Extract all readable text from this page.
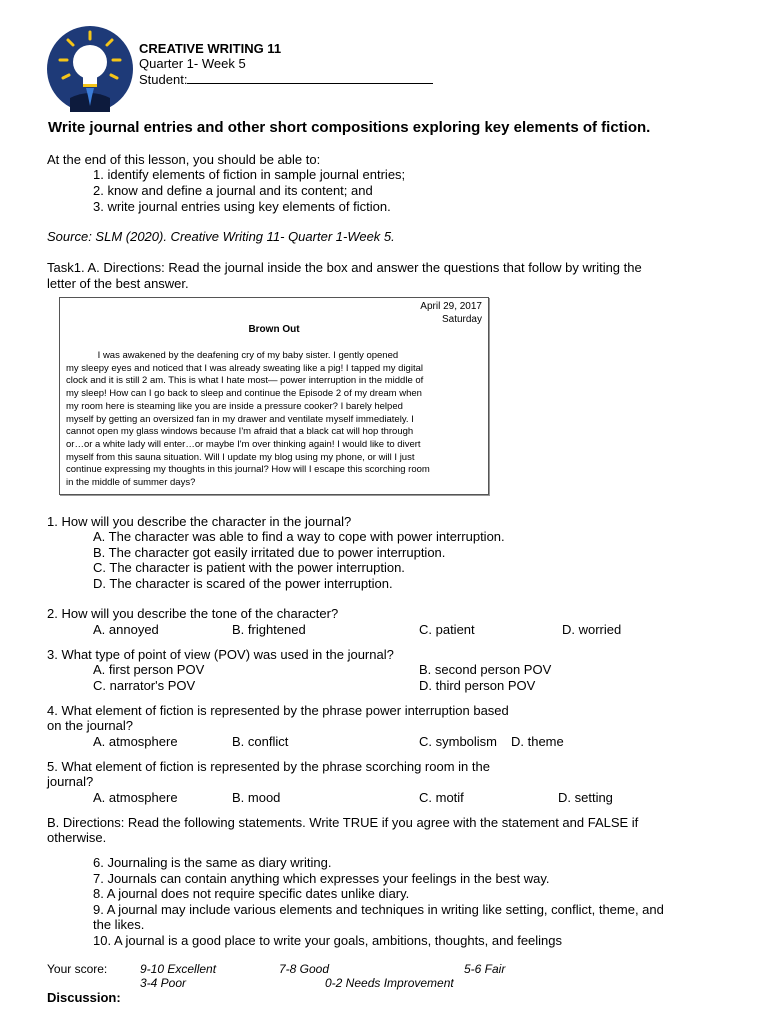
CREATIVE WRITING 11
Quarter 1- Week 5
Student:
Write journal entries and other short compositions exploring key elements of fiction.
At the end of this lesson, you should be able to:
1. identify elements of fiction in sample journal entries;
2. know and define a journal and its content; and
3. write journal entries using key elements of fiction.
Source: SLM (2020). Creative Writing 11- Quarter 1-Week 5.
Task1. A. Directions: Read the journal inside the box and answer the questions that follow by writing the
letter of the best answer.
April 29, 2017
Saturday
Brown Out
I was awakened by the deafening cry of my baby sister. I gently opened
my sleepy eyes and noticed that I was already sweating like a pig! I tapped my digital
clock and it is still 2 am. This is what I hate most— power interruption in the middle of
my sleep! How can I go back to sleep and continue the Episode 2 of my dream when
my room here is steaming like you are inside a pressure cooker? I barely helped
myself by getting an oversized fan in my drawer and ventilate myself immediately. I
cannot open my glass windows because I'm afraid that a black cat will hop through
or…or a white lady will enter…or maybe I'm over thinking again! I would like to divert
myself from this sauna situation. Will I update my blog using my phone, or will I just
continue expressing my thoughts in this journal? How will I escape this scorching room
in the middle of summer days?
1. How will you describe the character in the journal?
A. The character was able to find a way to cope with power interruption.
B. The character got easily irritated due to power interruption.
C. The character is patient with the power interruption.
D. The character is scared of the power interruption.
2. How will you describe the tone of the character?
A. annoyed	B. frightened	C. patient	D. worried
3. What type of point of view (POV) was used in the journal?
A. first person POV	B. second person POV
C. narrator's POV	D. third person POV
4. What element of fiction is represented by the phrase power interruption based
on the journal?
A. atmosphere	B. conflict	C. symbolism D. theme
5. What element of fiction is represented by the phrase scorching room in the
journal?
A. atmosphere	B. mood	C. motif	D. setting
B. Directions: Read the following statements. Write TRUE if you agree with the statement and FALSE if
otherwise.
6. Journaling is the same as diary writing.
7. Journals can contain anything which expresses your feelings in the best way.
8. A journal does not require specific dates unlike diary.
9. A journal may include various elements and techniques in writing like setting, conflict, theme, and
the likes.
10. A journal is a good place to write your goals, ambitions, thoughts, and feelings
Your score:	9-10 Excellent	7-8 Good	5-6 Fair
3-4 Poor	0-2 Needs Improvement
Discussion:
